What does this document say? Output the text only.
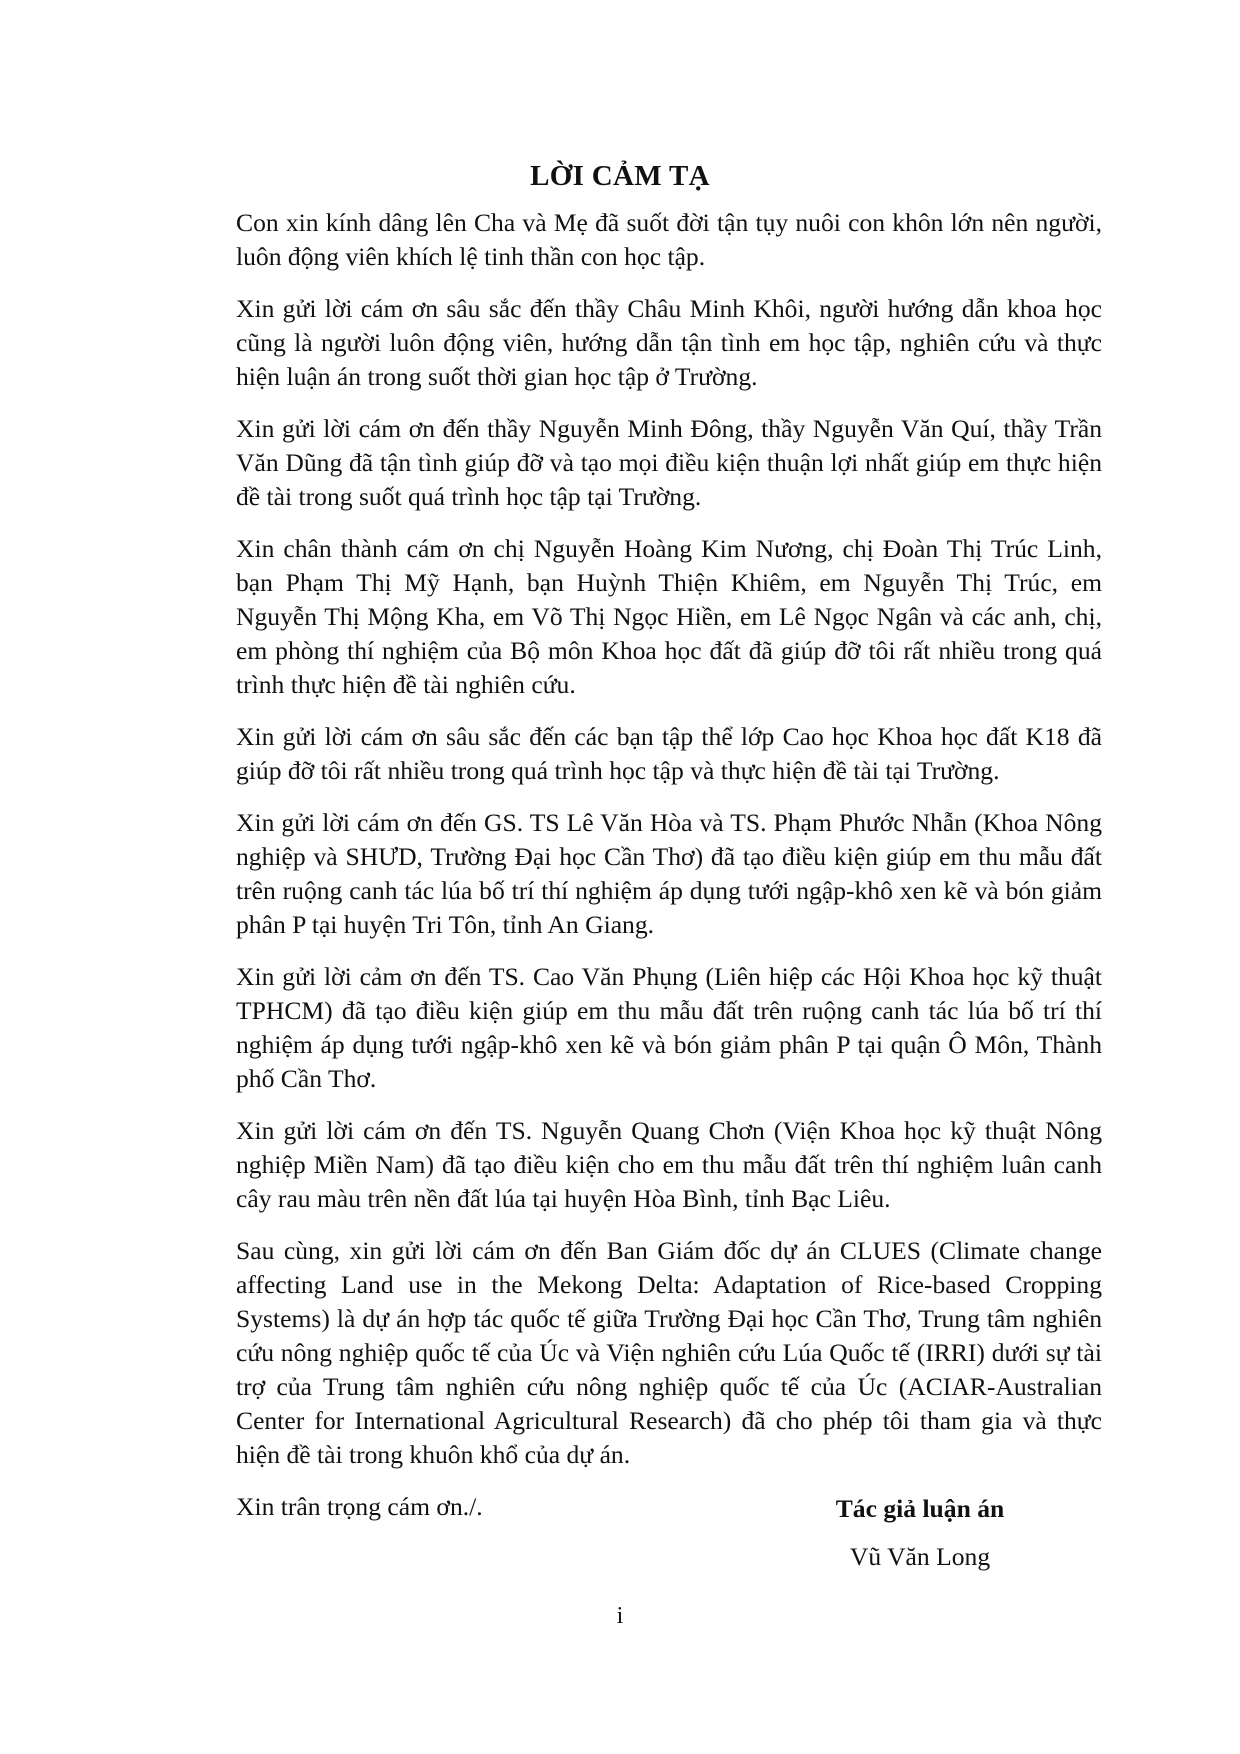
LỜI CẢM TẠ

Con xin kính dâng lên Cha và Mẹ đã suốt đời tận tụy nuôi con khôn lớn nên người, luôn động viên khích lệ tinh thần con học tập.

Xin gửi lời cám ơn sâu sắc đến thầy Châu Minh Khôi, người hướng dẫn khoa học cũng là người luôn động viên, hướng dẫn tận tình em học tập, nghiên cứu và thực hiện luận án trong suốt thời gian học tập ở Trường.

Xin gửi lời cám ơn đến thầy Nguyễn Minh Đông, thầy Nguyễn Văn Quí, thầy Trần Văn Dũng đã tận tình giúp đỡ và tạo mọi điều kiện thuận lợi nhất giúp em thực hiện đề tài trong suốt quá trình học tập tại Trường.

Xin chân thành cám ơn chị Nguyễn Hoàng Kim Nương, chị Đoàn Thị Trúc Linh, bạn Phạm Thị Mỹ Hạnh, bạn Huỳnh Thiện Khiêm, em Nguyễn Thị Trúc, em Nguyễn Thị Mộng Kha, em Võ Thị Ngọc Hiền, em Lê Ngọc Ngân và các anh, chị, em phòng thí nghiệm của Bộ môn Khoa học đất đã giúp đỡ tôi rất nhiều trong quá trình thực hiện đề tài nghiên cứu.

Xin gửi lời cám ơn sâu sắc đến các bạn tập thể lớp Cao học Khoa học đất K18 đã giúp đỡ tôi rất nhiều trong quá trình học tập và thực hiện đề tài tại Trường.

Xin gửi lời cám ơn đến GS. TS Lê Văn Hòa và TS. Phạm Phước Nhẫn (Khoa Nông nghiệp và SHƯD, Trường Đại học Cần Thơ) đã tạo điều kiện giúp em thu mẫu đất trên ruộng canh tác lúa bố trí thí nghiệm áp dụng tưới ngập-khô xen kẽ và bón giảm phân P tại huyện Tri Tôn, tỉnh An Giang.

Xin gửi lời cảm ơn đến TS. Cao Văn Phụng (Liên hiệp các Hội Khoa học kỹ thuật TPHCM) đã tạo điều kiện giúp em thu mẫu đất trên ruộng canh tác lúa bố trí thí nghiệm áp dụng tưới ngập-khô xen kẽ và bón giảm phân P tại quận Ô Môn, Thành phố Cần Thơ.

Xin gửi lời cám ơn đến TS. Nguyễn Quang Chơn (Viện Khoa học kỹ thuật Nông nghiệp Miền Nam) đã tạo điều kiện cho em thu mẫu đất trên thí nghiệm luân canh cây rau màu trên nền đất lúa tại huyện Hòa Bình, tỉnh Bạc Liêu.

Sau cùng, xin gửi lời cám ơn đến Ban Giám đốc dự án CLUES (Climate change affecting Land use in the Mekong Delta: Adaptation of Rice-based Cropping Systems) là dự án hợp tác quốc tế giữa Trường Đại học Cần Thơ, Trung tâm nghiên cứu nông nghiệp quốc tế của Úc và Viện nghiên cứu Lúa Quốc tế (IRRI) dưới sự tài trợ của Trung tâm nghiên cứu nông nghiệp quốc tế của Úc (ACIAR-Australian Center for International Agricultural Research) đã cho phép tôi tham gia và thực hiện đề tài trong khuôn khổ của dự án.

Xin trân trọng cám ơn./.	Tác giả luận án

Vũ Văn Long

i
